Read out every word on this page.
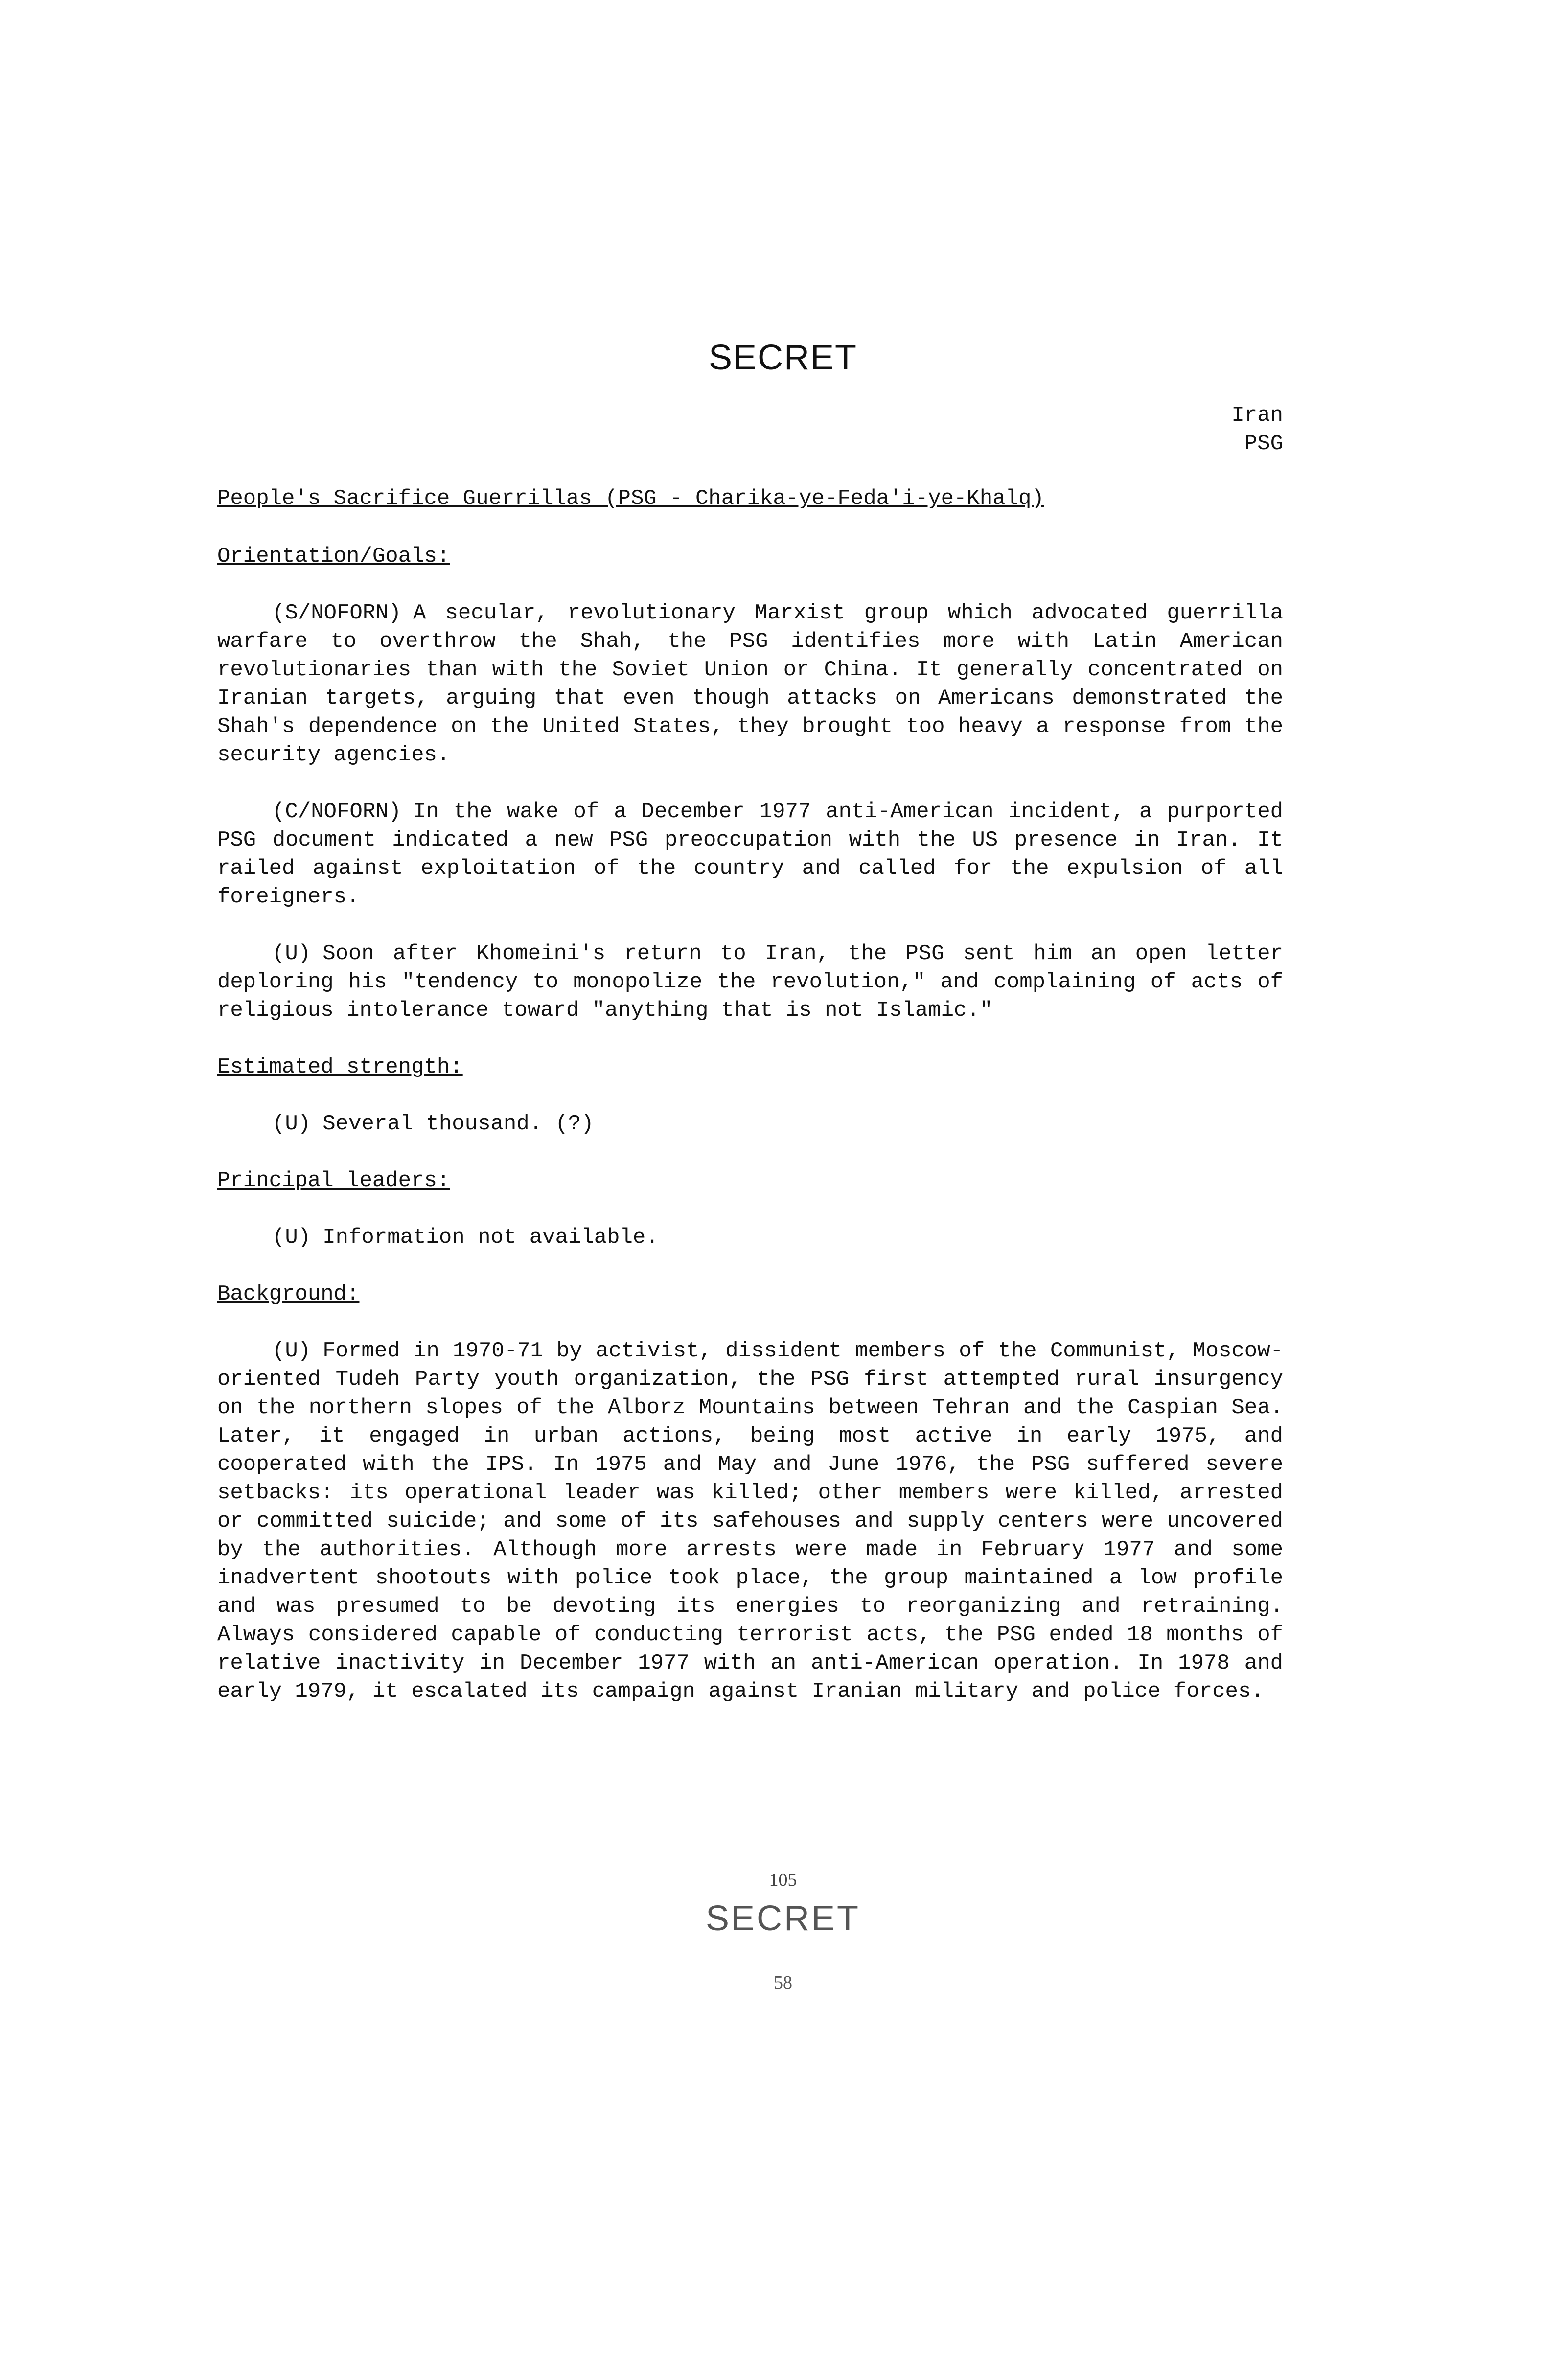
SECRET
Iran
PSG
People's Sacrifice Guerrillas (PSG - Charika-ye-Feda'i-ye-Khalq)
Orientation/Goals:

(S/NOFORN) A secular, revolutionary Marxist group which advocated guerrilla warfare to overthrow the Shah, the PSG identifies more with Latin American revolutionaries than with the Soviet Union or China. It generally concentrated on Iranian targets, arguing that even though attacks on Americans demonstrated the Shah's dependence on the United States, they brought too heavy a response from the security agencies.

(C/NOFORN) In the wake of a December 1977 anti-American incident, a purported PSG document indicated a new PSG preoccupation with the US presence in Iran. It railed against exploitation of the country and called for the expulsion of all foreigners.

(U) Soon after Khomeini's return to Iran, the PSG sent him an open letter deploring his "tendency to monopolize the revolution," and complaining of acts of religious intolerance toward "anything that is not Islamic."

Estimated strength:
(U) Several thousand. (?)
Principal leaders:
(U) Information not available.
Background:

(U) Formed in 1970-71 by activist, dissident members of the Communist, Moscow-oriented Tudeh Party youth organization, the PSG first attempted rural insurgency on the northern slopes of the Alborz Mountains between Tehran and the Caspian Sea. Later, it engaged in urban actions, being most active in early 1975, and cooperated with the IPS. In 1975 and May and June 1976, the PSG suffered severe setbacks: its operational leader was killed; other members were killed, arrested or committed suicide; and some of its safehouses and supply centers were uncovered by the authorities. Although more arrests were made in February 1977 and some inadvertent shootouts with police took place, the group maintained a low profile and was presumed to be devoting its energies to reorganizing and retraining. Always considered capable of conducting terrorist acts, the PSG ended 18 months of relative inactivity in December 1977 with an anti-American operation. In 1978 and early 1979, it escalated its campaign against Iranian military and police forces.

105
SECRET
58
